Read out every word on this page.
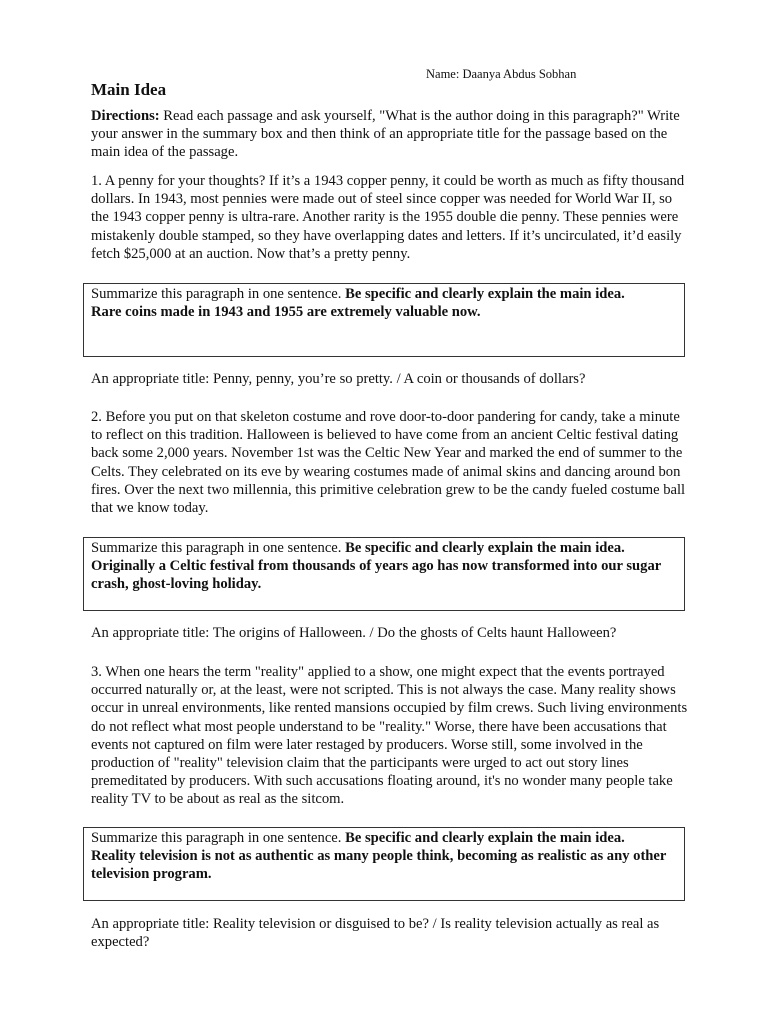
Name: Daanya Abdus Sobhan
Main Idea

Directions: Read each passage and ask yourself, "What is the author doing in this paragraph?" Write your answer in the summary box and then think of an appropriate title for the passage based on the main idea of the passage.

1. A penny for your thoughts? If it’s a 1943 copper penny, it could be worth as much as fifty thousand dollars. In 1943, most pennies were made out of steel since copper was needed for World War II, so the 1943 copper penny is ultra-rare. Another rarity is the 1955 double die penny. These pennies were mistakenly double stamped, so they have overlapping dates and letters. If it’s uncirculated, it’d easily fetch $25,000 at an auction. Now that’s a pretty penny.

Summarize this paragraph in one sentence. Be specific and clearly explain the main idea.
Rare coins made in 1943 and 1955 are extremely valuable now.

An appropriate title: Penny, penny, you’re so pretty. / A coin or thousands of dollars?

2. Before you put on that skeleton costume and rove door-to-door pandering for candy, take a minute to reflect on this tradition. Halloween is believed to have come from an ancient Celtic festival dating back some 2,000 years. November 1st was the Celtic New Year and marked the end of summer to the Celts. They celebrated on its eve by wearing costumes made of animal skins and dancing around bon fires. Over the next two millennia, this primitive celebration grew to be the candy fueled costume ball that we know today.

Summarize this paragraph in one sentence. Be specific and clearly explain the main idea.
Originally a Celtic festival from thousands of years ago has now transformed into our sugar crash, ghost-loving holiday.

An appropriate title: The origins of Halloween. / Do the ghosts of Celts haunt Halloween?

3. When one hears the term "reality" applied to a show, one might expect that the events portrayed occurred naturally or, at the least, were not scripted. This is not always the case. Many reality shows occur in unreal environments, like rented mansions occupied by film crews. Such living environments do not reflect what most people understand to be "reality." Worse, there have been accusations that events not captured on film were later restaged by producers. Worse still, some involved in the production of "reality" television claim that the participants were urged to act out story lines premeditated by producers. With such accusations floating around, it's no wonder many people take reality TV to be about as real as the sitcom.

Summarize this paragraph in one sentence. Be specific and clearly explain the main idea.
Reality television is not as authentic as many people think, becoming as realistic as any other television program.

An appropriate title: Reality television or disguised to be? / Is reality television actually as real as expected?
